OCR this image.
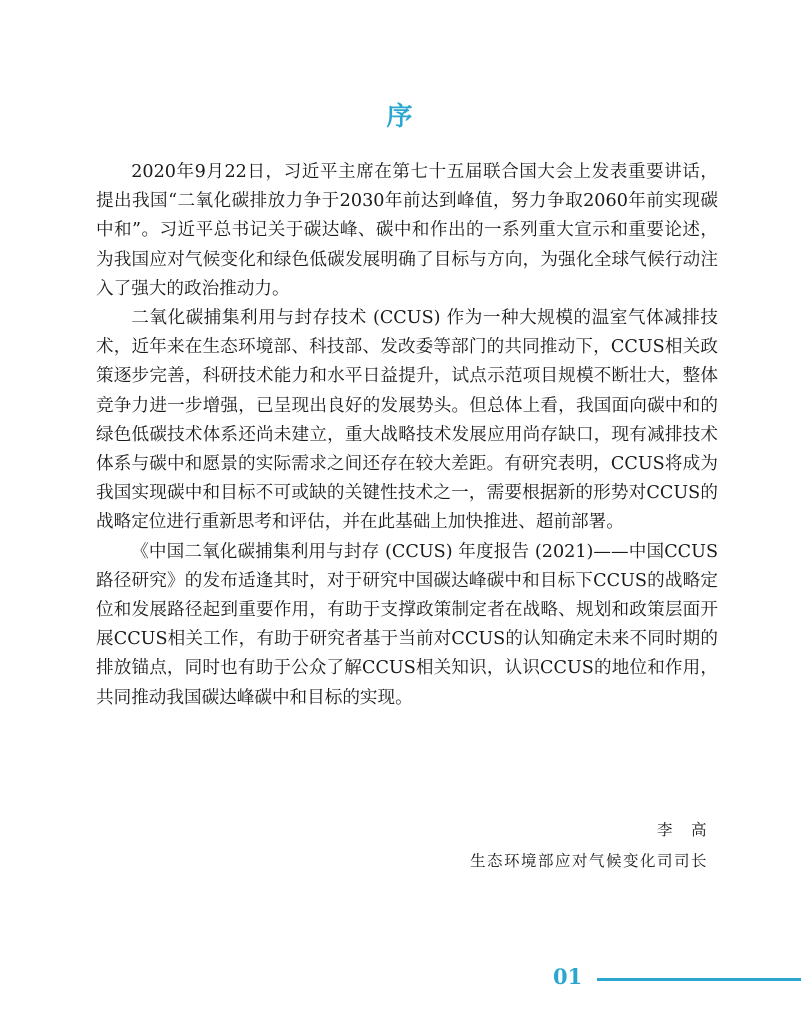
序

2020年9月22日，习近平主席在第七十五届联合国大会上发表重要讲话，提出我国“二氧化碳排放力争于2030年前达到峰值，努力争取2060年前实现碳中和”。习近平总书记关于碳达峰、碳中和作出的一系列重大宣示和重要论述，为我国应对气候变化和绿色低碳发展明确了目标与方向，为强化全球气候行动注入了强大的政治推动力。

二氧化碳捕集利用与封存技术 (CCUS) 作为一种大规模的温室气体减排技术，近年来在生态环境部、科技部、发改委等部门的共同推动下，CCUS相关政策逐步完善，科研技术能力和水平日益提升，试点示范项目规模不断壮大，整体竞争力进一步增强，已呈现出良好的发展势头。但总体上看，我国面向碳中和的绿色低碳技术体系还尚未建立，重大战略技术发展应用尚存缺口，现有减排技术体系与碳中和愿景的实际需求之间还存在较大差距。有研究表明，CCUS将成为我国实现碳中和目标不可或缺的关键性技术之一，需要根据新的形势对CCUS的战略定位进行重新思考和评估，并在此基础上加快推进、超前部署。

《中国二氧化碳捕集利用与封存 (CCUS) 年度报告 (2021)——中国CCUS路径研究》的发布适逢其时，对于研究中国碳达峰碳中和目标下CCUS的战略定位和发展路径起到重要作用，有助于支撑政策制定者在战略、规划和政策层面开展CCUS相关工作，有助于研究者基于当前对CCUS的认知确定未来不同时期的排放锚点，同时也有助于公众了解CCUS相关知识，认识CCUS的地位和作用，共同推动我国碳达峰碳中和目标的实现。

李　高
生态环境部应对气候变化司司长
01
